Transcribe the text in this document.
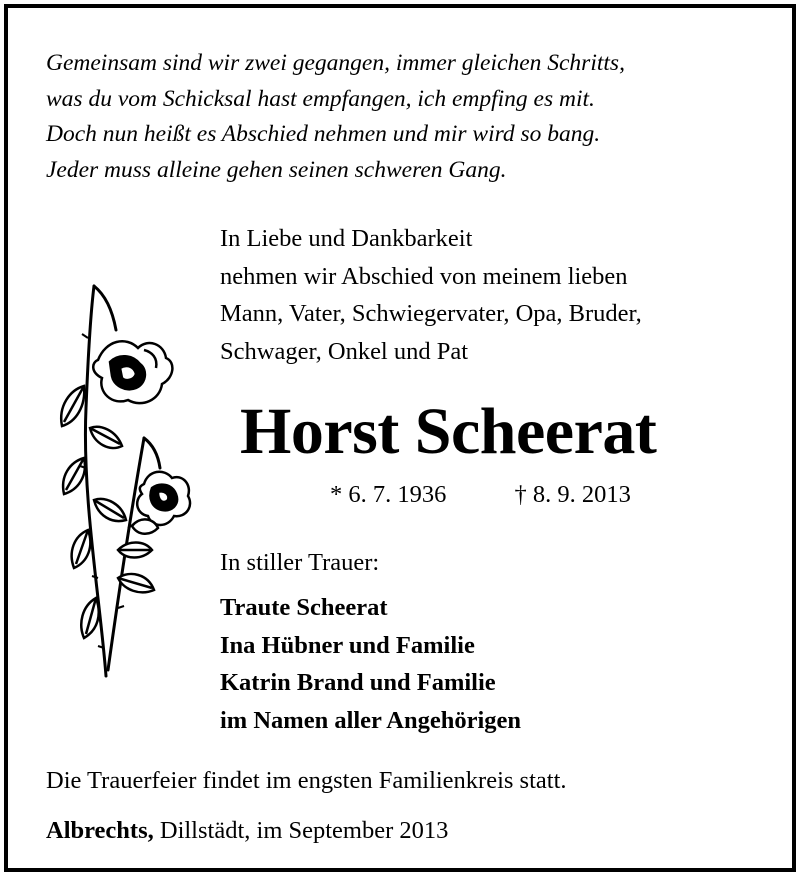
Gemeinsam sind wir zwei gegangen, immer gleichen Schritts,
was du vom Schicksal hast empfangen, ich empfing es mit.
Doch nun heißt es Abschied nehmen und mir wird so bang.
Jeder muss alleine gehen seinen schweren Gang.
In Liebe und Dankbarkeit
nehmen wir Abschied von meinem lieben
Mann, Vater, Schwiegervater, Opa, Bruder,
Schwager, Onkel und Pat
Horst Scheerat
* 6. 7. 1936	† 8. 9. 2013
In stiller Trauer:
Traute Scheerat
Ina Hübner und Familie
Katrin Brand und Familie
im Namen aller Angehörigen
Die Trauerfeier findet im engsten Familienkreis statt.
Albrechts, Dillstädt, im September 2013
